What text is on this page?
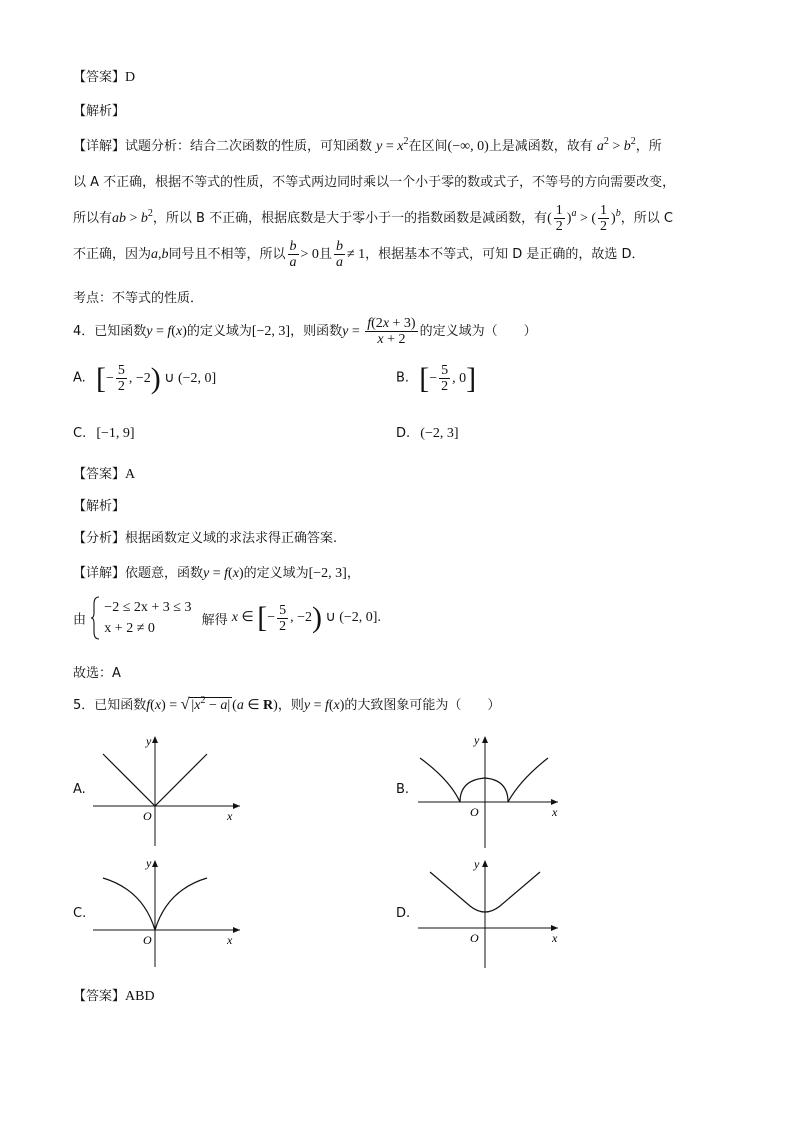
【答案】D
【解析】
【详解】试题分析：结合二次函数的性质，可知函数 $y = x^2$在区间(−∞, 0)上是减函数，故有 $a^2 > b^2$，所
以 A 不正确，根据不等式的性质，不等式两边同时乘以一个小于零的数或式子，不等号的方向需要改变，
所以有ab > $b^2$，所以 B 不正确，根据底数是大于零小于一的指数函数是减函数，有( $\frac{1}{2} )^a$ > ( $\frac{1}{2} )^b$，所以 C
不正确，因为a,b同号且不相等，所以 $\frac{b}{a} > 0$且 $\frac{b}{a} \ne 1$，根据基本不等式，可知 D 是正确的，故选 D．
考点：不等式的性质．
4．已知函数y = f(x)的定义域为[−2, 3]，则函数$y = \frac{f(2x + 3)}{x + 2}$ 的定义域为（　　）
A. [− $\frac{5}{2}$ , −2) ∪ (−2, 0]	B. [− $\frac{5}{2}$ , 0]
C. [−1, 9]	D. (−2, 3]
【答案】A
【解析】
【分析】根据函数定义域的求法求得正确答案.
【详解】依题意，函数y = f(x)的定义域为[−2, 3]，
由
−2 ≤ 2x + 3 ≤ 3
x + 2 ≠ 0
解得 x ∈ [− $\frac{5}{2}$ , −2) ∪ (−2, 0].
故选：A
5．已知函数f(x) = √ $|x^2 - a|$ (a ∈ R)，则y = f(x)的大致图象可能为（　　）
A.
y
x
O
B.
y
x
O
C.
y
x
O
D.
y
x
O
【答案】ABD
